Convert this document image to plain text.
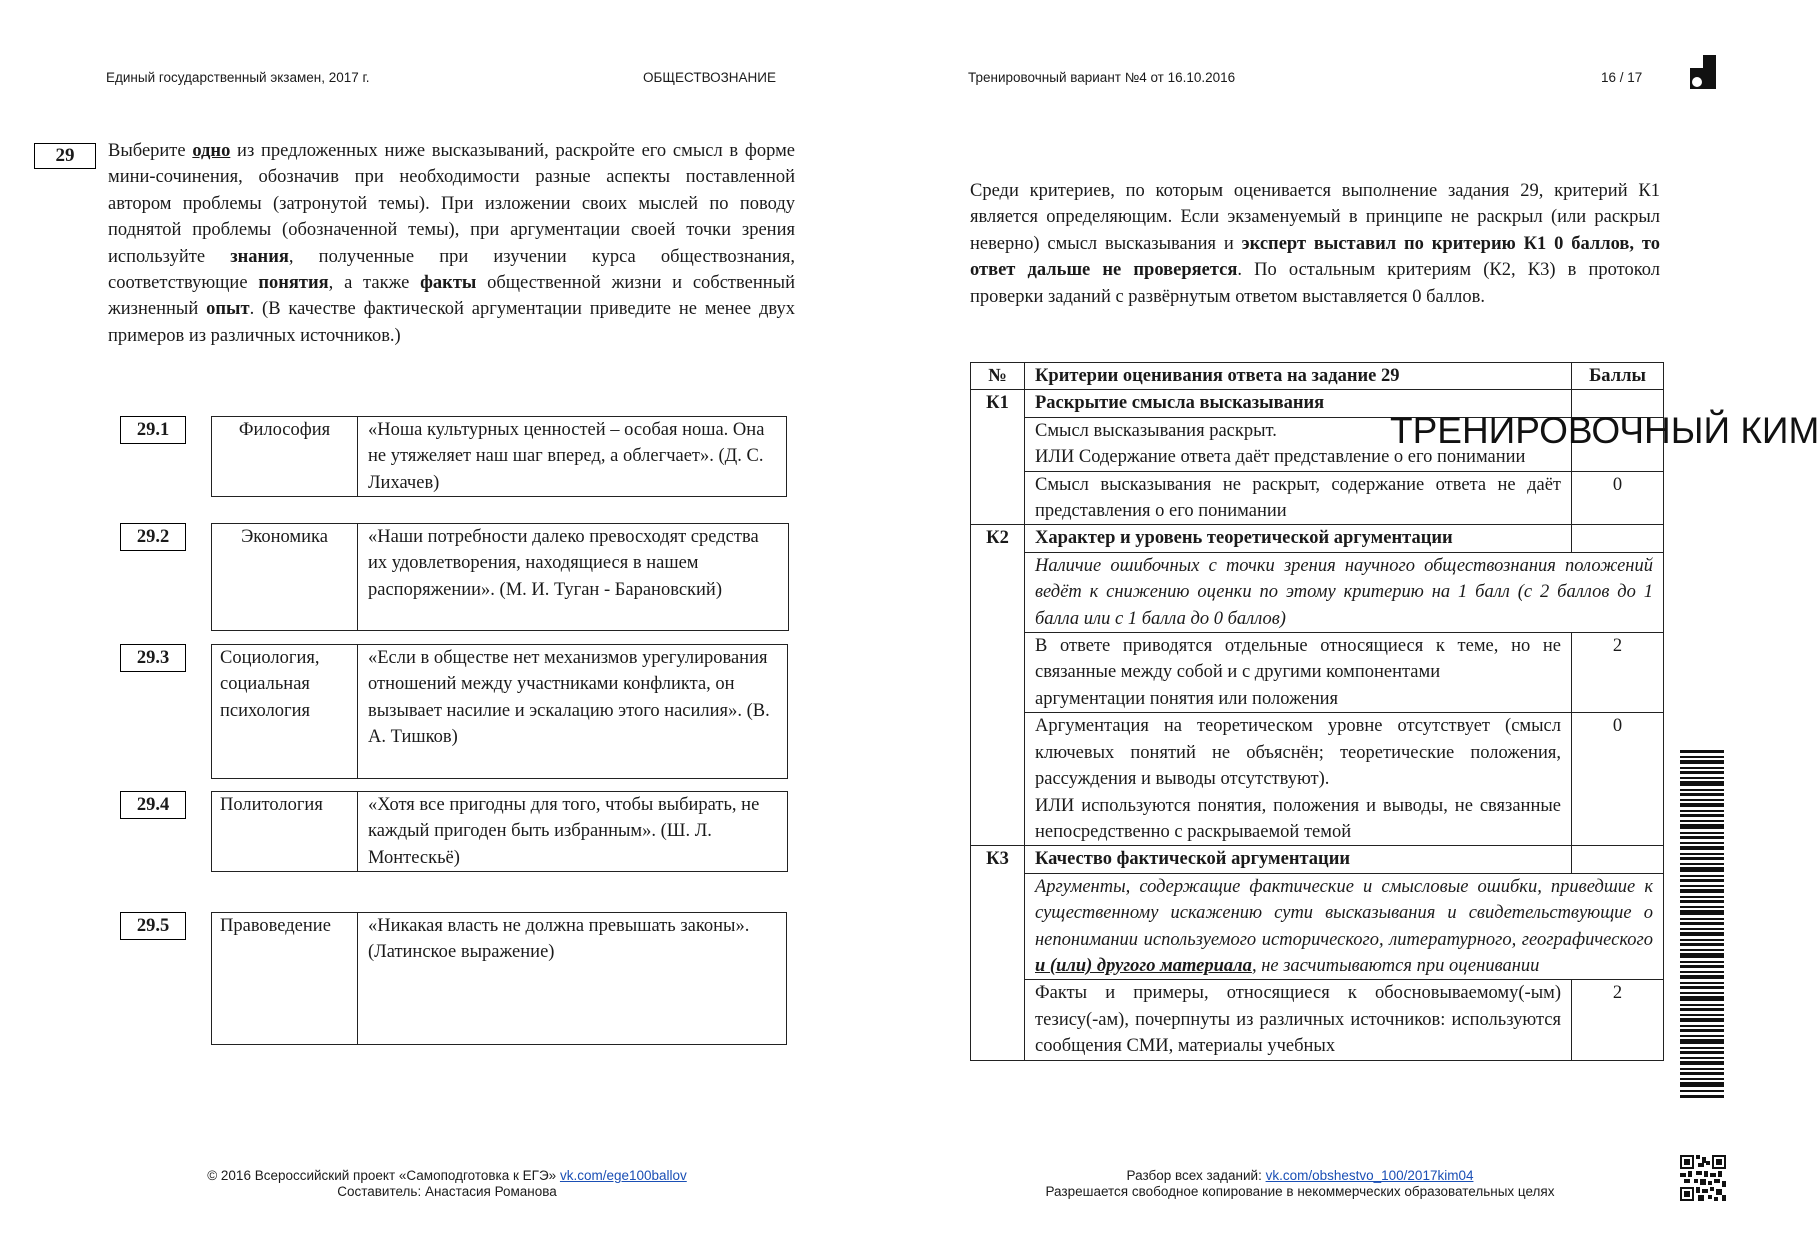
Единый государственный экзамен, 2017 г.	ОБЩЕСТВОЗНАНИЕ	Тренировочный вариант №4 от 16.10.2016	16 / 17
29	Выберите одно из предложенных ниже высказываний, раскройте его смысл в форме мини-сочинения, обозначив при необходимости разные аспекты поставленной автором проблемы (затронутой темы). При изложении своих мыслей по поводу поднятой проблемы (обозначенной темы), при аргументации своей точки зрения используйте знания, полученные при изучении курса обществознания, соответствующие понятия, а также факты общественной жизни и собственный жизненный опыт. (В качестве фактической аргументации приведите не менее двух примеров из различных источников.)
29.1	Философия	«Ноша культурных ценностей – особая ноша. Она не утяжеляет наш шаг вперед, а облегчает». (Д. С. Лихачев)
29.2	Экономика	«Наши потребности далеко превосходят средства их удовлетворения, находящиеся в нашем распоряжении». (М. И. Туган - Барановский)
29.3	Социология, социальная психология	«Если в обществе нет механизмов урегулирования отношений между участниками конфликта, он вызывает насилие и эскалацию этого насилия». (В. А. Тишков)
29.4	Политология	«Хотя все пригодны для того, чтобы выбирать, не каждый пригоден быть избранным». (Ш. Л. Монтескьё)
29.5	Правоведение	«Никакая власть не должна превышать законы». (Латинское выражение)
Среди критериев, по которым оценивается выполнение задания 29, критерий К1 является определяющим. Если экзаменуемый в принципе не раскрыл (или раскрыл неверно) смысл высказывания и эксперт выставил по критерию К1 0 баллов, то ответ дальше не проверяется. По остальным критериям (К2, К3) в протокол проверки заданий с развёрнутым ответом выставляется 0 баллов.
№	Критерии оценивания ответа на задание 29	Баллы
К1	Раскрытие смысла высказывания	

	Смысл высказывания раскрыт.
ИЛИ Содержание ответа даёт представление о его понимании	

	Смысл высказывания не раскрыт, содержание ответа не даёт представления о его понимании	0
К2	Характер и уровень теоретической аргументации	
	Наличие ошибочных с точки зрения научного обществознания положений ведёт к снижению оценки по этому критерию на 1 балл (с 2 баллов до 1 балла или с 1 балла до 0 баллов)	

	В ответе приводятся отдельные относящиеся к теме, но не связанные между собой и с другими компонентами
аргументации понятия или положения	2

	Аргументация на теоретическом уровне отсутствует (смысл ключевых понятий не объяснён; теоретические положения, рассуждения и выводы отсутствуют).
ИЛИ используются понятия, положения и выводы, не связанные непосредственно с раскрываемой темой	0
К3	Качество фактической аргументации	
	Аргументы, содержащие фактические и смысловые ошибки, приведшие к существенному искажению сути высказывания и свидетельствующие о непонимании используемого исторического, литературного, географического и (или) другого материала, не засчитываются при оценивании	
	Факты и примеры, относящиеся к обосновываемому(-ым) тезису(-ам), почерпнуты из различных источников: используются сообщения СМИ, материалы учебных	2
ТРЕНИРОВОЧНЫЙ КИМ
© 2016 Всероссийский проект «Самоподготовка к ЕГЭ» vk.com/ege100ballov
Составитель: Анастасия Романова
Разбор всех заданий: vk.com/obshestvo_100/2017kim04
Разрешается свободное копирование в некоммерческих образовательных целях
